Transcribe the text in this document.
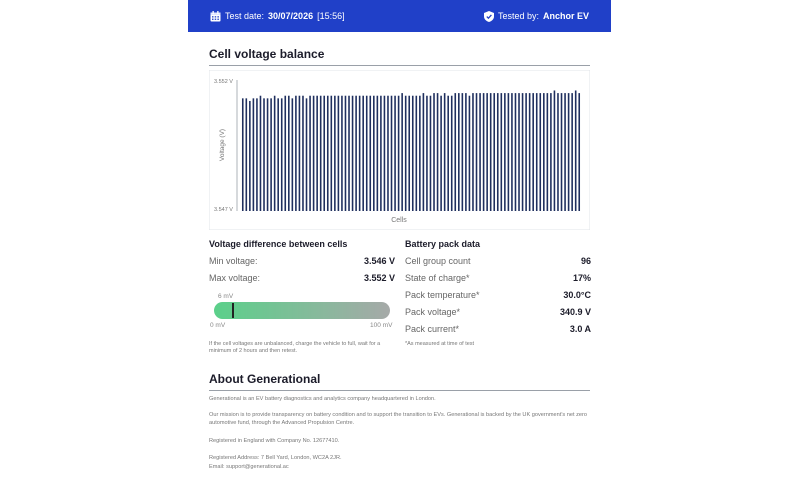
Test date: 30/07/2026 [15:56]	Tested by: Anchor EV
Cell voltage balance
3.552 V
3.547 V
Voltage (V)
Cells
Voltage difference between cells
Min voltage:	3.546 V
Max voltage:	3.552 V
6 mV
0 mV	100 mV
If the cell voltages are unbalanced, charge the vehicle to full, wait for a minimum of 2 hours and then retest.
Battery pack data
Cell group count	96
State of charge*	17%
Pack temperature*	30.0°C
Pack voltage*	340.9 V
Pack current*	3.0 A
*As measured at time of test
About Generational
Generational is an EV battery diagnostics and analytics company headquartered in London.
Our mission is to provide transparency on battery condition and to support the transition to EVs. Generational is backed by the UK government’s net zero automotive fund, through the Advanced Propulsion Centre.
Registered in England with Company No. 12677410.
Registered Address: 7 Bell Yard, London, WC2A 2JR.
Email: support@generational.ac
